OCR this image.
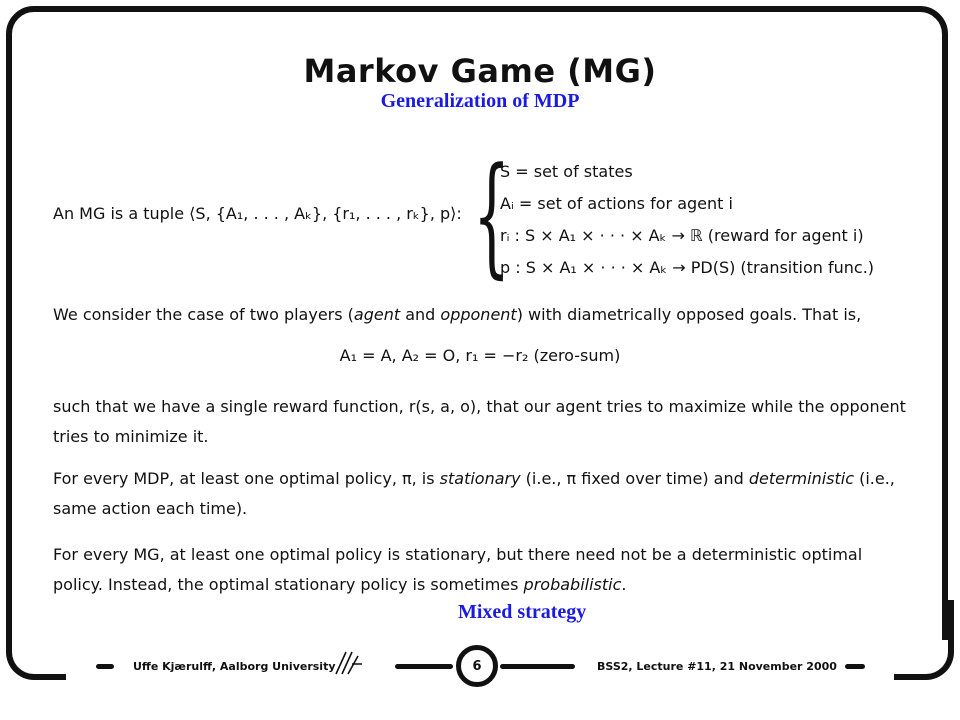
Markov Game (MG)
Generalization of MDP
An MG is a tuple ⟨S, {A₁, . . . , Aₖ}, {r₁, . . . , rₖ}, p⟩: {
S = set of states
Aᵢ = set of actions for agent i
rᵢ : S × A₁ × · · · × Aₖ → ℝ (reward for agent i)
p : S × A₁ × · · · × Aₖ → PD(S) (transition func.)
We consider the case of two players (agent and opponent) with diametrically opposed goals. That is,
A₁ = A, A₂ = O, r₁ = −r₂ (zero-sum)
such that we have a single reward function, r(s, a, o), that our agent tries to maximize while the opponent tries to minimize it.
For every MDP, at least one optimal policy, π, is stationary (i.e., π fixed over time) and deterministic (i.e., same action each time).
For every MG, at least one optimal policy is stationary, but there need not be a deterministic optimal policy. Instead, the optimal stationary policy is sometimes probabilistic.
Mixed strategy
Uffe Kjærulff, Aalborg University	6	BSS2, Lecture #11, 21 November 2000
